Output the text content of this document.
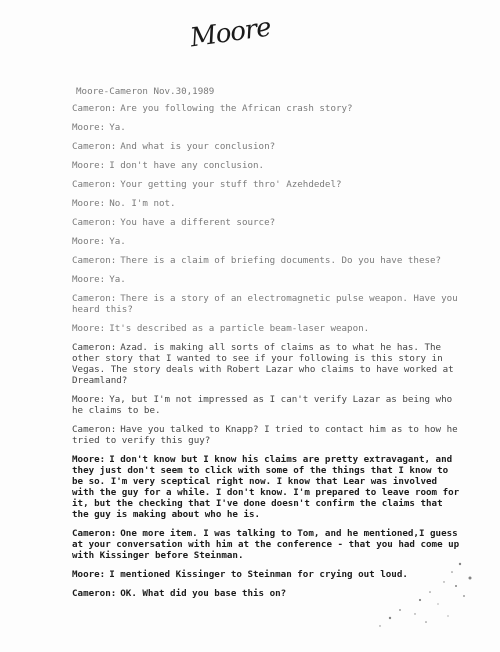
Moore
Moore-Cameron Nov.30,1989
Cameron: Are you following the African crash story?
Moore: Ya.
Cameron: And what is your conclusion?
Moore: I don't have any conclusion.
Cameron: Your getting your stuff thro' Azehdedel?
Moore: No. I'm not.
Cameron: You have a different source?
Moore: Ya.
Cameron: There is a claim of briefing documents. Do you have these?
Moore: Ya.
Cameron: There is a story of an electromagnetic pulse weapon. Have you heard this?
Moore: It's described as a particle beam-laser weapon.
Cameron: Azad. is making all sorts of claims as to what he has. The other story that I wanted to see if your following is this story in Vegas. The story deals with Robert Lazar who claims to have worked at Dreamland?
Moore: Ya, but I'm not impressed as I can't verify Lazar as being who he claims to be.
Cameron: Have you talked to Knapp? I tried to contact him as to how he tried to verify this guy?
Moore: I don't know but I know his claims are pretty extravagant, and they just don't seem to click with some of the things that I know to be so. I'm very sceptical right now. I know that Lear was involved with the guy for a while. I don't know. I'm prepared to leave room for it, but the checking that I've done doesn't confirm the claims that the guy is making about who he is.
Cameron: One more item. I was talking to Tom, and he mentioned,I guess at your conversation with him at the conference - that you had come up with Kissinger before Steinman.
Moore: I mentioned Kissinger to Steinman for crying out loud.
Cameron: OK. What did you base this on?
